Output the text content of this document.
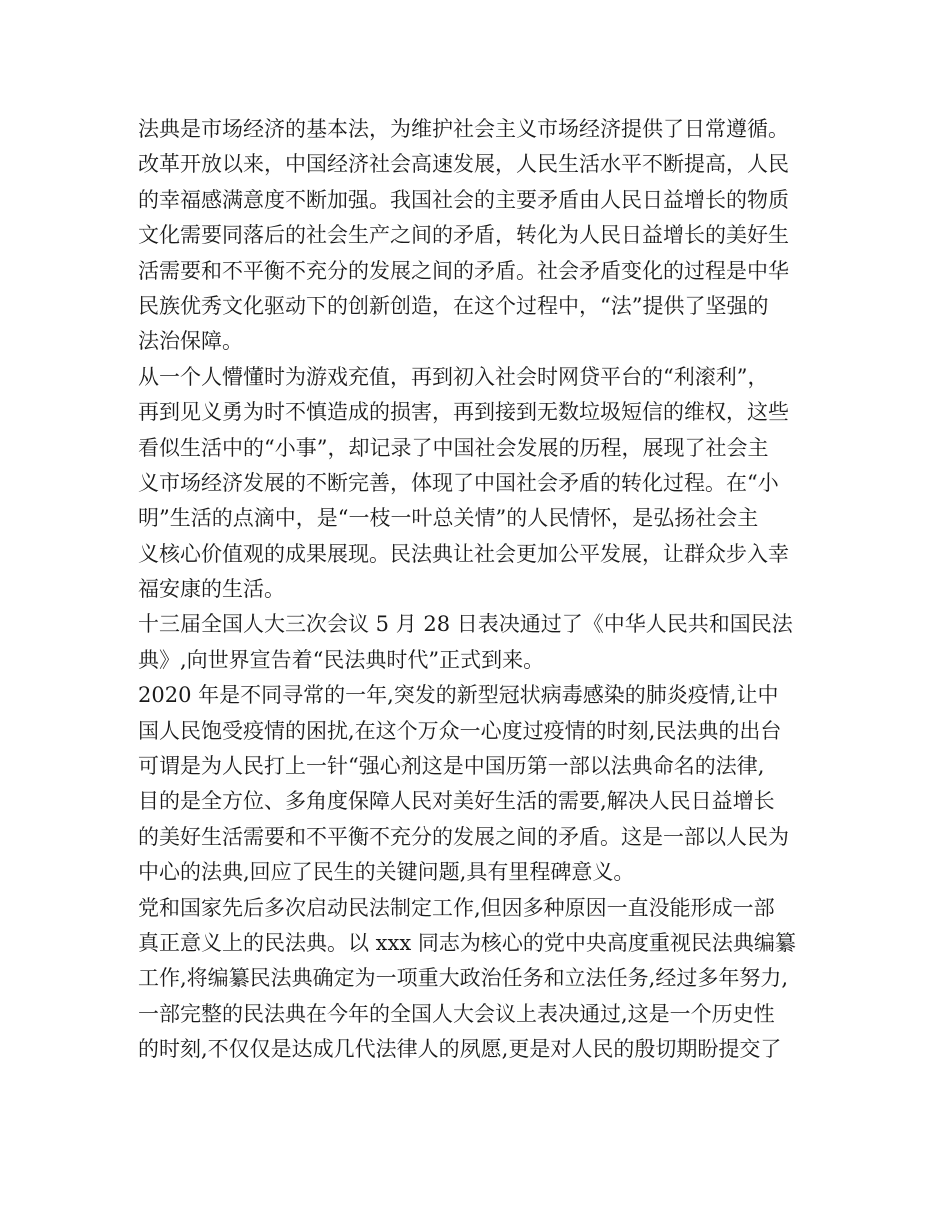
法典是市场经济的基本法，为维护社会主义市场经济提供了日常遵循。
改革开放以来，中国经济社会高速发展，人民生活水平不断提高，人民
的幸福感满意度不断加强。我国社会的主要矛盾由人民日益增长的物质
文化需要同落后的社会生产之间的矛盾，转化为人民日益增长的美好生
活需要和不平衡不充分的发展之间的矛盾。社会矛盾变化的过程是中华
民族优秀文化驱动下的创新创造，在这个过程中，“法”提供了坚强的
法治保障。
从一个人懵懂时为游戏充值，再到初入社会时网贷平台的“利滚利”，
再到见义勇为时不慎造成的损害，再到接到无数垃圾短信的维权，这些
看似生活中的“小事”，却记录了中国社会发展的历程，展现了社会主
义市场经济发展的不断完善，体现了中国社会矛盾的转化过程。在“小
明”生活的点滴中，是“一枝一叶总关情”的人民情怀，是弘扬社会主
义核心价值观的成果展现。民法典让社会更加公平发展，让群众步入幸
福安康的生活。
十三届全国人大三次会议 5 月 28 日表决通过了《中华人民共和国民法
典》,向世界宣告着“民法典时代”正式到来。
2020 年是不同寻常的一年,突发的新型冠状病毒感染的肺炎疫情,让中
国人民饱受疫情的困扰,在这个万众一心度过疫情的时刻,民法典的出台
可谓是为人民打上一针“强心剂这是中国历第一部以法典命名的法律,
目的是全方位、多角度保障人民对美好生活的需要,解决人民日益增长
的美好生活需要和不平衡不充分的发展之间的矛盾。这是一部以人民为
中心的法典,回应了民生的关键问题,具有里程碑意义。
党和国家先后多次启动民法制定工作,但因多种原因一直没能形成一部
真正意义上的民法典。以 xxx 同志为核心的党中央高度重视民法典编纂
工作,将编纂民法典确定为一项重大政治任务和立法任务,经过多年努力,
一部完整的民法典在今年的全国人大会议上表决通过,这是一个历史性
的时刻,不仅仅是达成几代法律人的夙愿,更是对人民的殷切期盼提交了
